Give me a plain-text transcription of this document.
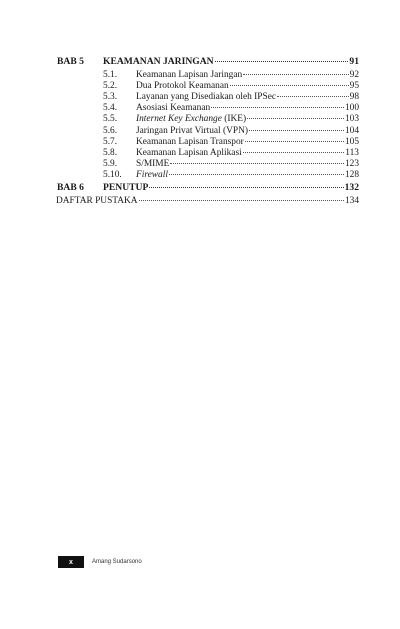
BAB 5	KEAMANAN JARINGAN	91
5.1.	Keamanan Lapisan Jaringan	92
5.2.	Dua Protokol Keamanan	95
5.3.	Layanan yang Disediakan oleh IPSec	98
5.4.	Asosiasi Keamanan	100
5.5.	Internet Key Exchange (IKE)	103
5.6.	Jaringan Privat Virtual (VPN)	104
5.7.	Keamanan Lapisan Transpor	105
5.8.	Keamanan Lapisan Aplikasi	113
5.9.	S/MIME	123
5.10.	Firewall	128
BAB 6	PENUTUP	132
DAFTAR PUSTAKA	134
x	Amang Sudarsono
